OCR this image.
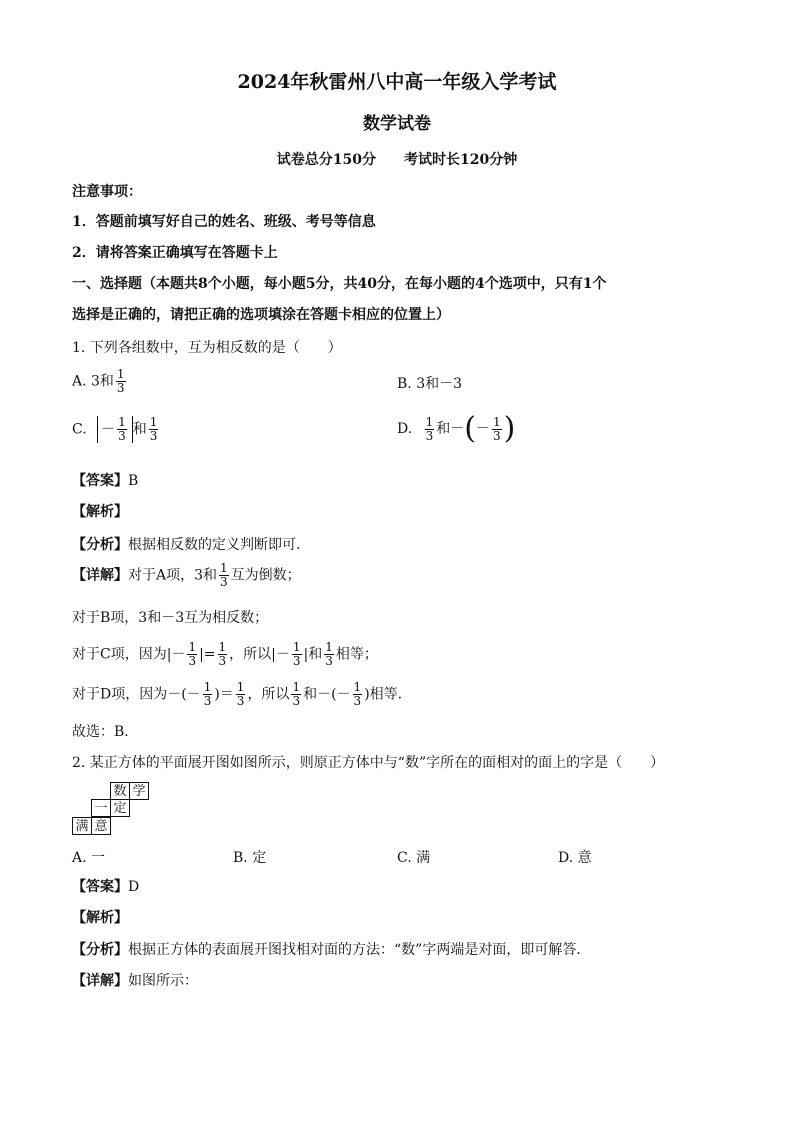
2024年秋雷州八中高一年级入学考试
数学试卷
试卷总分150分　　考试时长120分钟
注意事项：
1．答题前填写好自己的姓名、班级、考号等信息
2．请将答案正确填写在答题卡上
一、选择题（本题共8个小题，每小题5分，共40分，在每小题的4个选项中，只有1个
选择是正确的，请把正确的选项填涂在答题卡相应的位置上）
1. 下列各组数中，互为相反数的是（　　）
A. 3和 $\frac{1}{3}$	B. 3和－3
C. － $\frac{1}{3}$ 和 $\frac{1}{3}$	D. $\frac{1}{3}$ 和－(－ $\frac{1}{3}$ )
【答案】B
【解析】
【分析】根据相反数的定义判断即可.
【详解】对于A项，3和 $\frac{1}{3}$ 互为倒数；
对于B项，3和－3互为相反数；
对于C项，因为|－ $\frac{1}{3}$ |= $\frac{1}{3}$ ，所以|－ $\frac{1}{3}$ |和 $\frac{1}{3}$ 相等；
对于D项，因为－(－ $\frac{1}{3}$ )＝ $\frac{1}{3}$ ，所以 $\frac{1}{3}$ 和－(－ $\frac{1}{3}$ )相等.
故选：B.
2. 某正方体的平面展开图如图所示，则原正方体中与“数”字所在的面相对的面上的字是（　　）
数 学
一 定
满 意
A. 一	B. 定	C. 满	D. 意
【答案】D
【解析】
【分析】根据正方体的表面展开图找相对面的方法：“数”字两端是对面，即可解答．
【详解】如图所示：
